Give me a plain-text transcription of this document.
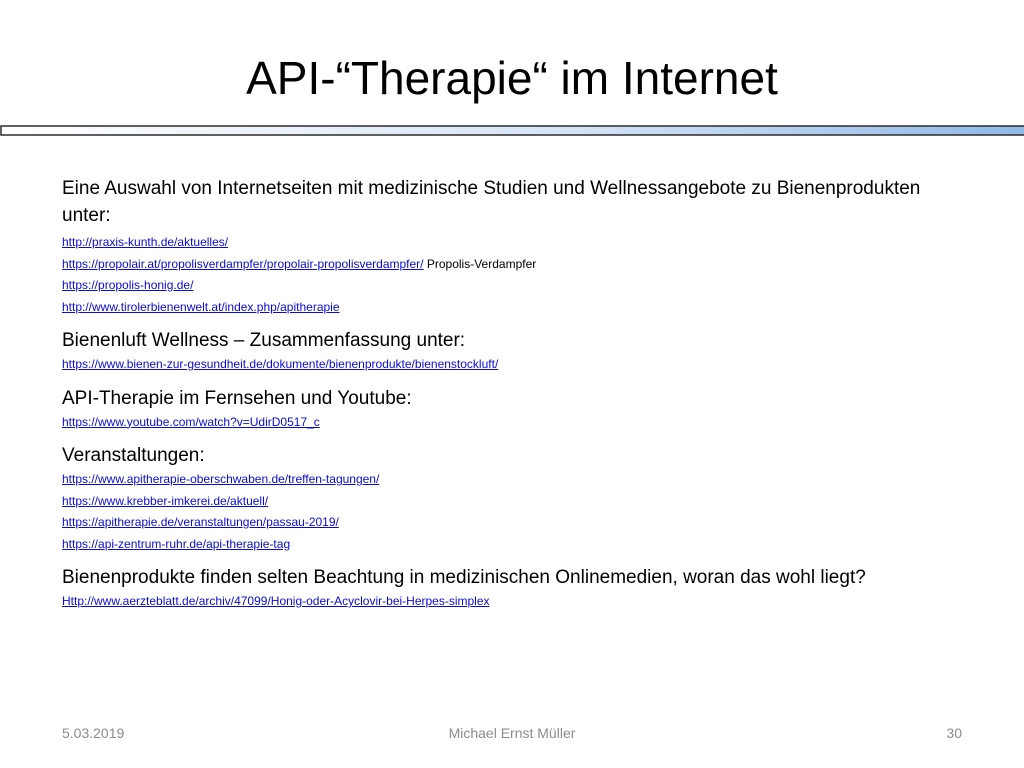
API-“Therapie“ im Internet
Eine Auswahl von Internetseiten mit medizinische Studien und Wellnessangebote zu Bienenprodukten unter:
http://praxis-kunth.de/aktuelles/
https://propolair.at/propolisverdampfer/propolair-propolisverdampfer/ Propolis-Verdampfer
https://propolis-honig.de/
http://www.tirolerbienenwelt.at/index.php/apitherapie
Bienenluft Wellness – Zusammenfassung unter:
https://www.bienen-zur-gesundheit.de/dokumente/bienenprodukte/bienenstockluft/
API-Therapie im Fernsehen und Youtube:
https://www.youtube.com/watch?v=UdirD0517_c
Veranstaltungen:
https://www.apitherapie-oberschwaben.de/treffen-tagungen/
https://www.krebber-imkerei.de/aktuell/
https://apitherapie.de/veranstaltungen/passau-2019/
https://api-zentrum-ruhr.de/api-therapie-tag
Bienenprodukte finden selten Beachtung in medizinischen Onlinemedien, woran das wohl liegt?
Http://www.aerzteblatt.de/archiv/47099/Honig-oder-Acyclovir-bei-Herpes-simplex
5.03.2019	Michael Ernst Müller	30
